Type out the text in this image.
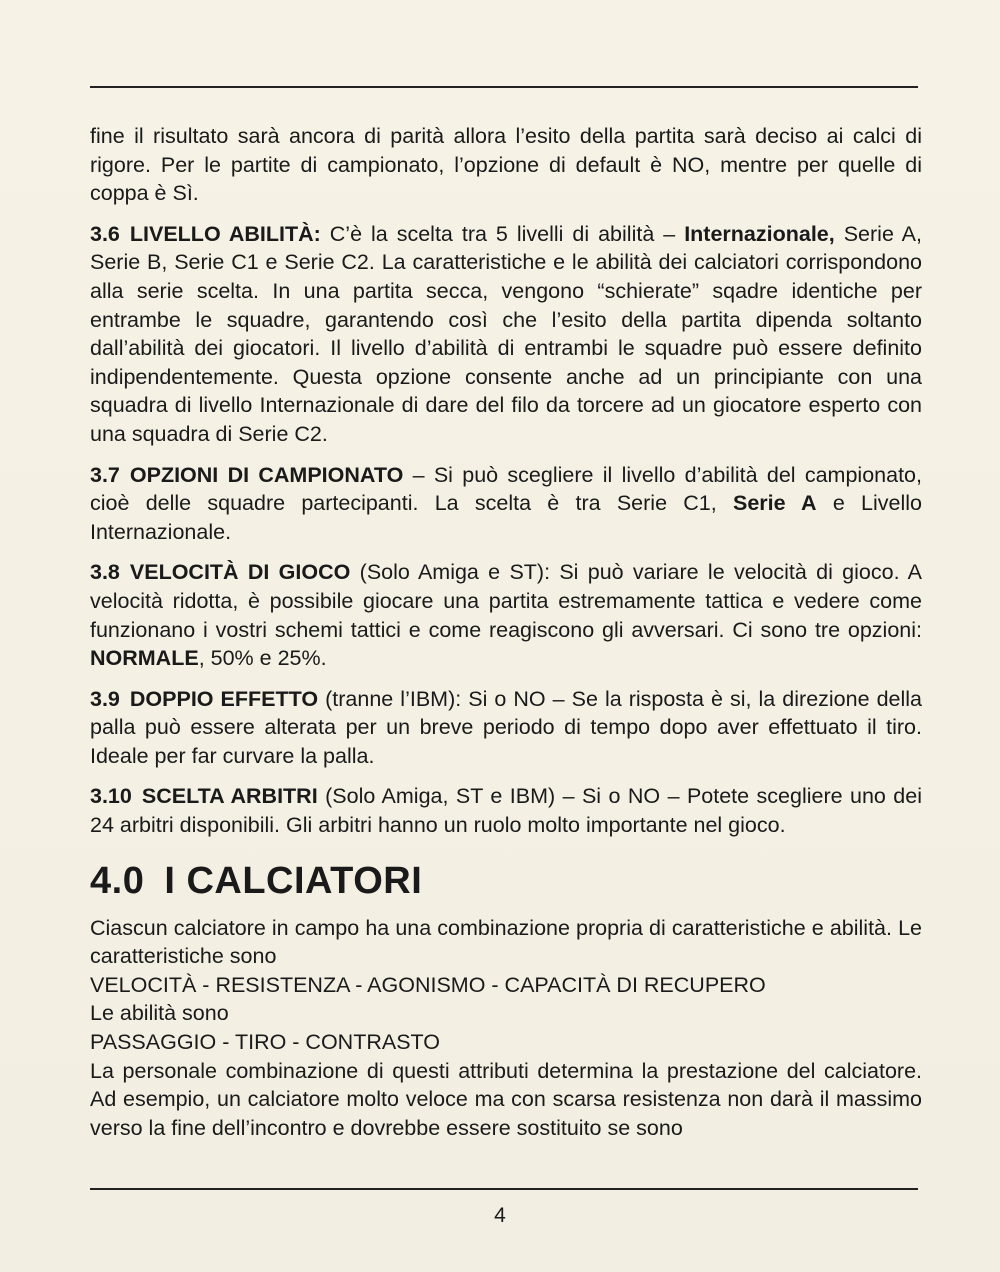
fine il risultato sarà ancora di parità allora l’esito della partita sarà deciso ai calci di rigore. Per le partite di campionato, l’opzione di default è NO, mentre per quelle di coppa è Sì.

3.6 LIVELLO ABILITÀ: C’è la scelta tra 5 livelli di abilità – Internazionale, Serie A, Serie B, Serie C1 e Serie C2. La caratteristiche e le abilità dei calciatori corrispondono alla serie scelta. In una partita secca, vengono “schierate” sqadre identiche per entrambe le squadre, garantendo così che l’esito della partita dipenda soltanto dall’abilità dei giocatori. Il livello d’abilità di entrambi le squadre può essere definito indipendentemente. Questa opzione consente anche ad un principiante con una squadra di livello Internazionale di dare del filo da torcere ad un giocatore esperto con una squadra di Serie C2.

3.7 OPZIONI DI CAMPIONATO – Si può scegliere il livello d’abilità del campionato, cioè delle squadre partecipanti. La scelta è tra Serie C1, Serie A e Livello Internazionale.

3.8 VELOCITÀ DI GIOCO (Solo Amiga e ST): Si può variare le velocità di gioco. A velocità ridotta, è possibile giocare una partita estremamente tattica e vedere come funzionano i vostri schemi tattici e come reagiscono gli avversari. Ci sono tre opzioni: NORMALE, 50% e 25%.

3.9 DOPPIO EFFETTO (tranne l’IBM): Si o NO – Se la risposta è si, la direzione della palla può essere alterata per un breve periodo di tempo dopo aver effettuato il tiro. Ideale per far curvare la palla.

3.10 SCELTA ARBITRI (Solo Amiga, ST e IBM) – Si o NO – Potete scegliere uno dei 24 arbitri disponibili. Gli arbitri hanno un ruolo molto importante nel gioco.

4.0 I CALCIATORI
Ciascun calciatore in campo ha una combinazione propria di caratteristiche e abilità. Le caratteristiche sono
VELOCITÀ - RESISTENZA - AGONISMO - CAPACITÀ DI RECUPERO
Le abilità sono
PASSAGGIO - TIRO - CONTRASTO
La personale combinazione di questi attributi determina la prestazione del calciatore. Ad esempio, un calciatore molto veloce ma con scarsa resistenza non darà il massimo verso la fine dell’incontro e dovrebbe essere sostituito se sono
4
